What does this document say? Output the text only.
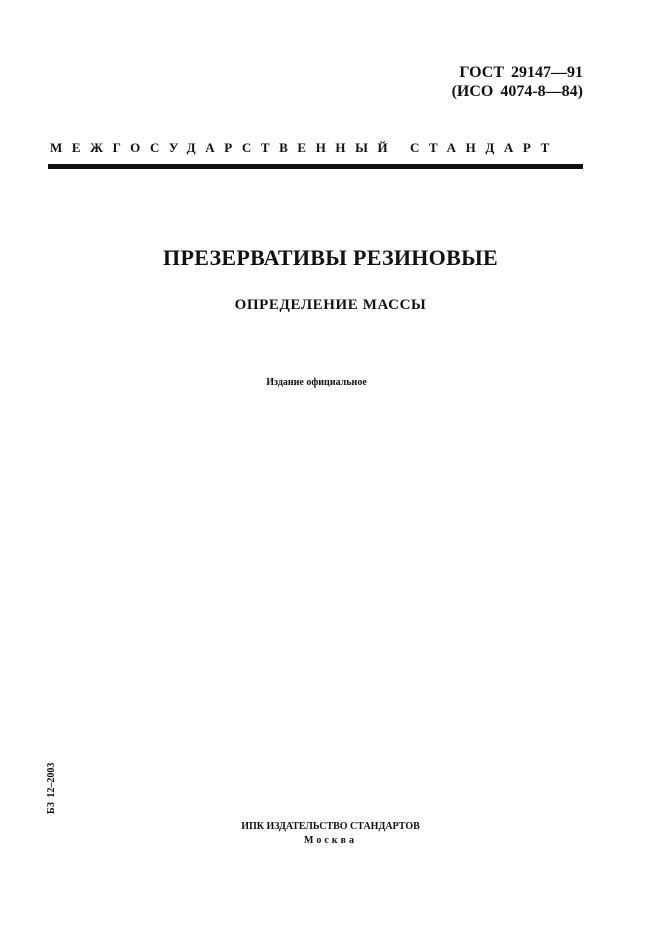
ГОСТ 29147—91
(ИСО 4074-8—84)
МЕЖГОСУДАРСТВЕННЫЙ СТАНДАРТ
ПРЕЗЕРВАТИВЫ РЕЗИНОВЫЕ
ОПРЕДЕЛЕНИЕ МАССЫ
Издание официальное
БЗ 12–2003
ИПК ИЗДАТЕЛЬСТВО СТАНДАРТОВ
Москва
